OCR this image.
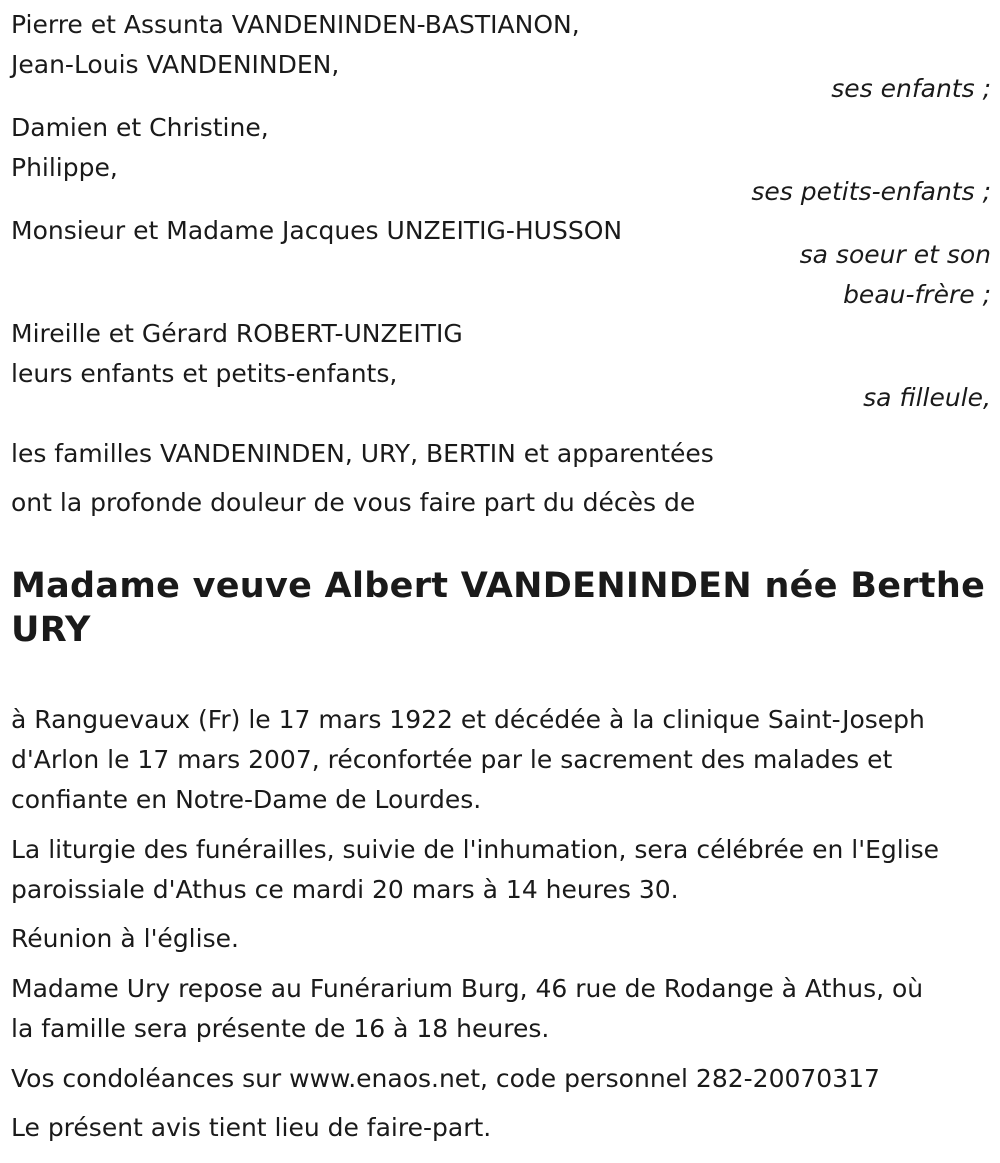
Pierre et Assunta VANDENINDEN-BASTIANON,
Jean-Louis VANDENINDEN,
ses enfants ;
Damien et Christine,
Philippe,
ses petits-enfants ;
Monsieur et Madame Jacques UNZEITIG-HUSSON
sa soeur et son
beau-frère ;
Mireille et Gérard ROBERT-UNZEITIG
leurs enfants et petits-enfants,
sa filleule,
les familles VANDENINDEN, URY, BERTIN et apparentées
ont la profonde douleur de vous faire part du décès de
Madame veuve Albert VANDENINDEN née Berthe
URY
à Ranguevaux (Fr) le 17 mars 1922 et décédée à la clinique Saint-Joseph
d'Arlon le 17 mars 2007, réconfortée par le sacrement des malades et
confiante en Notre-Dame de Lourdes.
La liturgie des funérailles, suivie de l'inhumation, sera célébrée en l'Eglise
paroissiale d'Athus ce mardi 20 mars à 14 heures 30.
Réunion à l'église.
Madame Ury repose au Funérarium Burg, 46 rue de Rodange à Athus, où
la famille sera présente de 16 à 18 heures.
Vos condoléances sur www.enaos.net, code personnel 282-20070317
Le présent avis tient lieu de faire-part.
